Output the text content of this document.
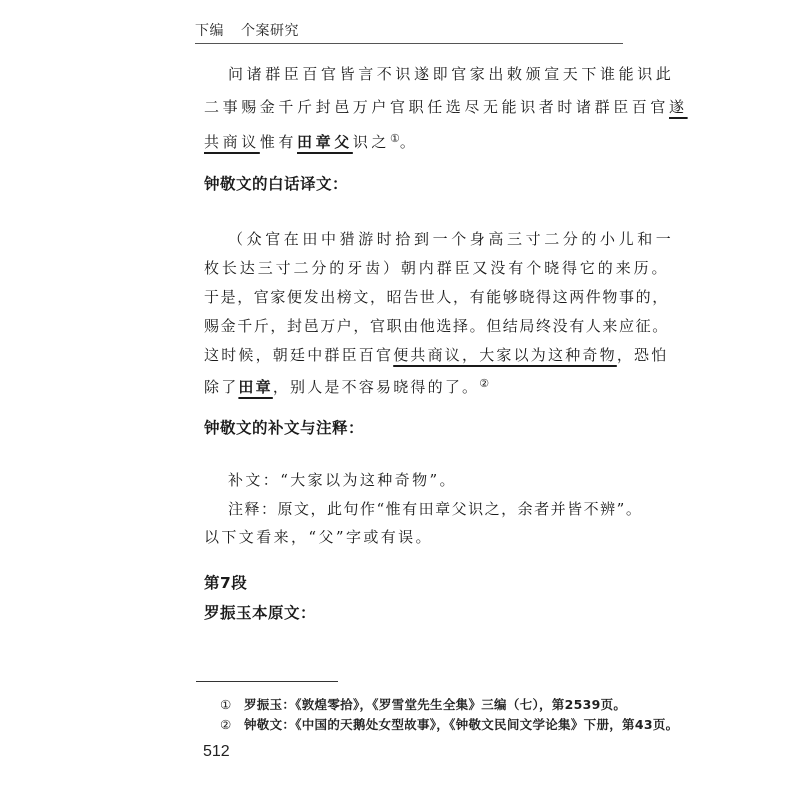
下编 个案研究
问诸群臣百官皆言不识遂即官家出敕颁宣天下谁能识此
二事赐金千斤封邑万户官职任选尽无能识者时诸群臣百官遂
共商议惟有田章父识之①。
钟敬文的白话译文：
（众官在田中猎游时拾到一个身高三寸二分的小儿和一
枚长达三寸二分的牙齿）朝内群臣又没有个晓得它的来历。
于是，官家便发出榜文，昭告世人，有能够晓得这两件物事的，
赐金千斤，封邑万户，官职由他选择。但结局终没有人来应征。
这时候，朝廷中群臣百官便共商议，大家以为这种奇物，恐怕
除了田章，别人是不容易晓得的了。②
钟敬文的补文与注释：
补文：“大家以为这种奇物”。
注释：原文，此句作“惟有田章父识之，余者并皆不辨”。
以下文看来，“父”字或有误。
第7段
罗振玉本原文：
① 罗振玉：《敦煌零拾》，《罗雪堂先生全集》三编（七），第2539页。
② 钟敬文：《中国的天鹅处女型故事》，《钟敬文民间文学论集》下册，第43页。
512
